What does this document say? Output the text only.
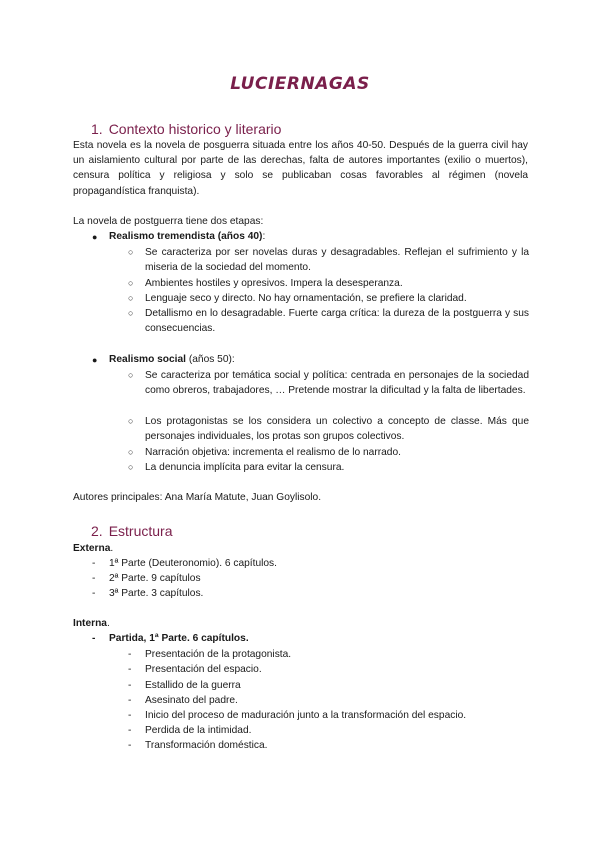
LUCIERNAGAS
1. Contexto historico y literario
Esta novela es la novela de posguerra situada entre los años 40-50. Después de la guerra civil hay un aislamiento cultural por parte de las derechas, falta de autores importantes (exilio o muertos), censura política y religiosa y solo se publicaban cosas favorables al régimen (novela propagandística franquista).
La novela de postguerra tiene dos etapas:
● Realismo tremendista (años 40):
○ Se caracteriza por ser novelas duras y desagradables. Reflejan el sufrimiento y la miseria de la sociedad del momento.
○ Ambientes hostiles y opresivos. Impera la desesperanza.
○ Lenguaje seco y directo. No hay ornamentación, se prefiere la claridad.
○ Detallismo en lo desagradable. Fuerte carga crítica: la dureza de la postguerra y sus consecuencias.
● Realismo social (años 50):
○ Se caracteriza por temática social y política: centrada en personajes de la sociedad como obreros, trabajadores, … Pretende mostrar la dificultad y la falta de libertades.
○ Los protagonistas se los considera un colectivo a concepto de classe. Más que personajes individuales, los protas son grupos colectivos.
○ Narración objetiva: incrementa el realismo de lo narrado.
○ La denuncia implícita para evitar la censura.
Autores principales: Ana María Matute, Juan Goylisolo.
2. Estructura
Externa.
- 1ª Parte (Deuteronomio). 6 capítulos.
- 2ª Parte. 9 capítulos
- 3ª Parte. 3 capítulos.
Interna.
- Partida, 1ª Parte. 6 capítulos.
- Presentación de la protagonista.
- Presentación del espacio.
- Estallido de la guerra
- Asesinato del padre.
- Inicio del proceso de maduración junto a la transformación del espacio.
- Perdida de la intimidad.
- Transformación doméstica.
